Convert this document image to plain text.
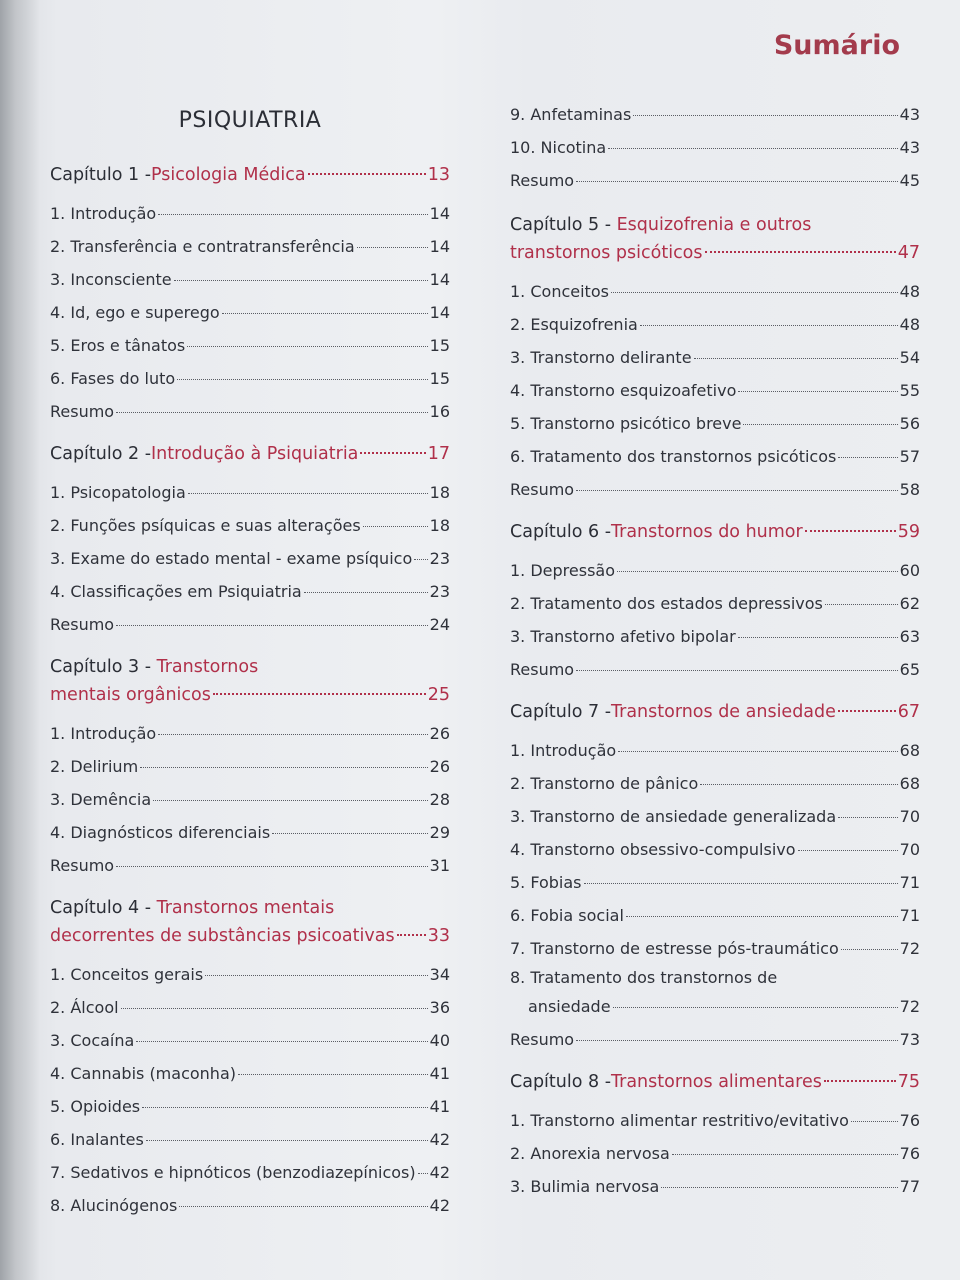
Sumário
PSIQUIATRIA
Capítulo 1 - Psicologia Médica	13
1. Introdução	14
2. Transferência e contratransferência	14
3. Inconsciente	14
4. Id, ego e superego	14
5. Eros e tânatos	15
6. Fases do luto	15
Resumo	16
Capítulo 2 - Introdução à Psiquiatria	17
1. Psicopatologia	18
2. Funções psíquicas e suas alterações	18
3. Exame do estado mental - exame psíquico 23
4. Classificações em Psiquiatria	23
Resumo	24
Capítulo 3 - Transtornos
mentais orgânicos	25
1. Introdução	26
2. Delirium	26
3. Demência	28
4. Diagnósticos diferenciais	29
Resumo	31
Capítulo 4 - Transtornos mentais
decorrentes de substâncias psicoativas 33
1. Conceitos gerais	34
2. Álcool	36
3. Cocaína	40
4. Cannabis (maconha)	41
5. Opioides	41
6. Inalantes	42
7. Sedativos e hipnóticos (benzodiazepínicos) 42
8. Alucinógenos	42
9. Anfetaminas	43
10. Nicotina	43
Resumo	45
Capítulo 5 - Esquizofrenia e outros
transtornos psicóticos	47
1. Conceitos	48
2. Esquizofrenia	48
3. Transtorno delirante	54
4. Transtorno esquizoafetivo	55
5. Transtorno psicótico breve	56
6. Tratamento dos transtornos psicóticos	57
Resumo	58
Capítulo 6 - Transtornos do humor	59
1. Depressão	60
2. Tratamento dos estados depressivos	62
3. Transtorno afetivo bipolar	63
Resumo	65
Capítulo 7 - Transtornos de ansiedade	67
1. Introdução	68
2. Transtorno de pânico	68
3. Transtorno de ansiedade generalizada	70
4. Transtorno obsessivo-compulsivo	70
5. Fobias	71
6. Fobia social	71
7. Transtorno de estresse pós-traumático	72
8. Tratamento dos transtornos de
ansiedade	72
Resumo	73
Capítulo 8 - Transtornos alimentares	75
1. Transtorno alimentar restritivo/evitativo	76
2. Anorexia nervosa	76
3. Bulimia nervosa	77
